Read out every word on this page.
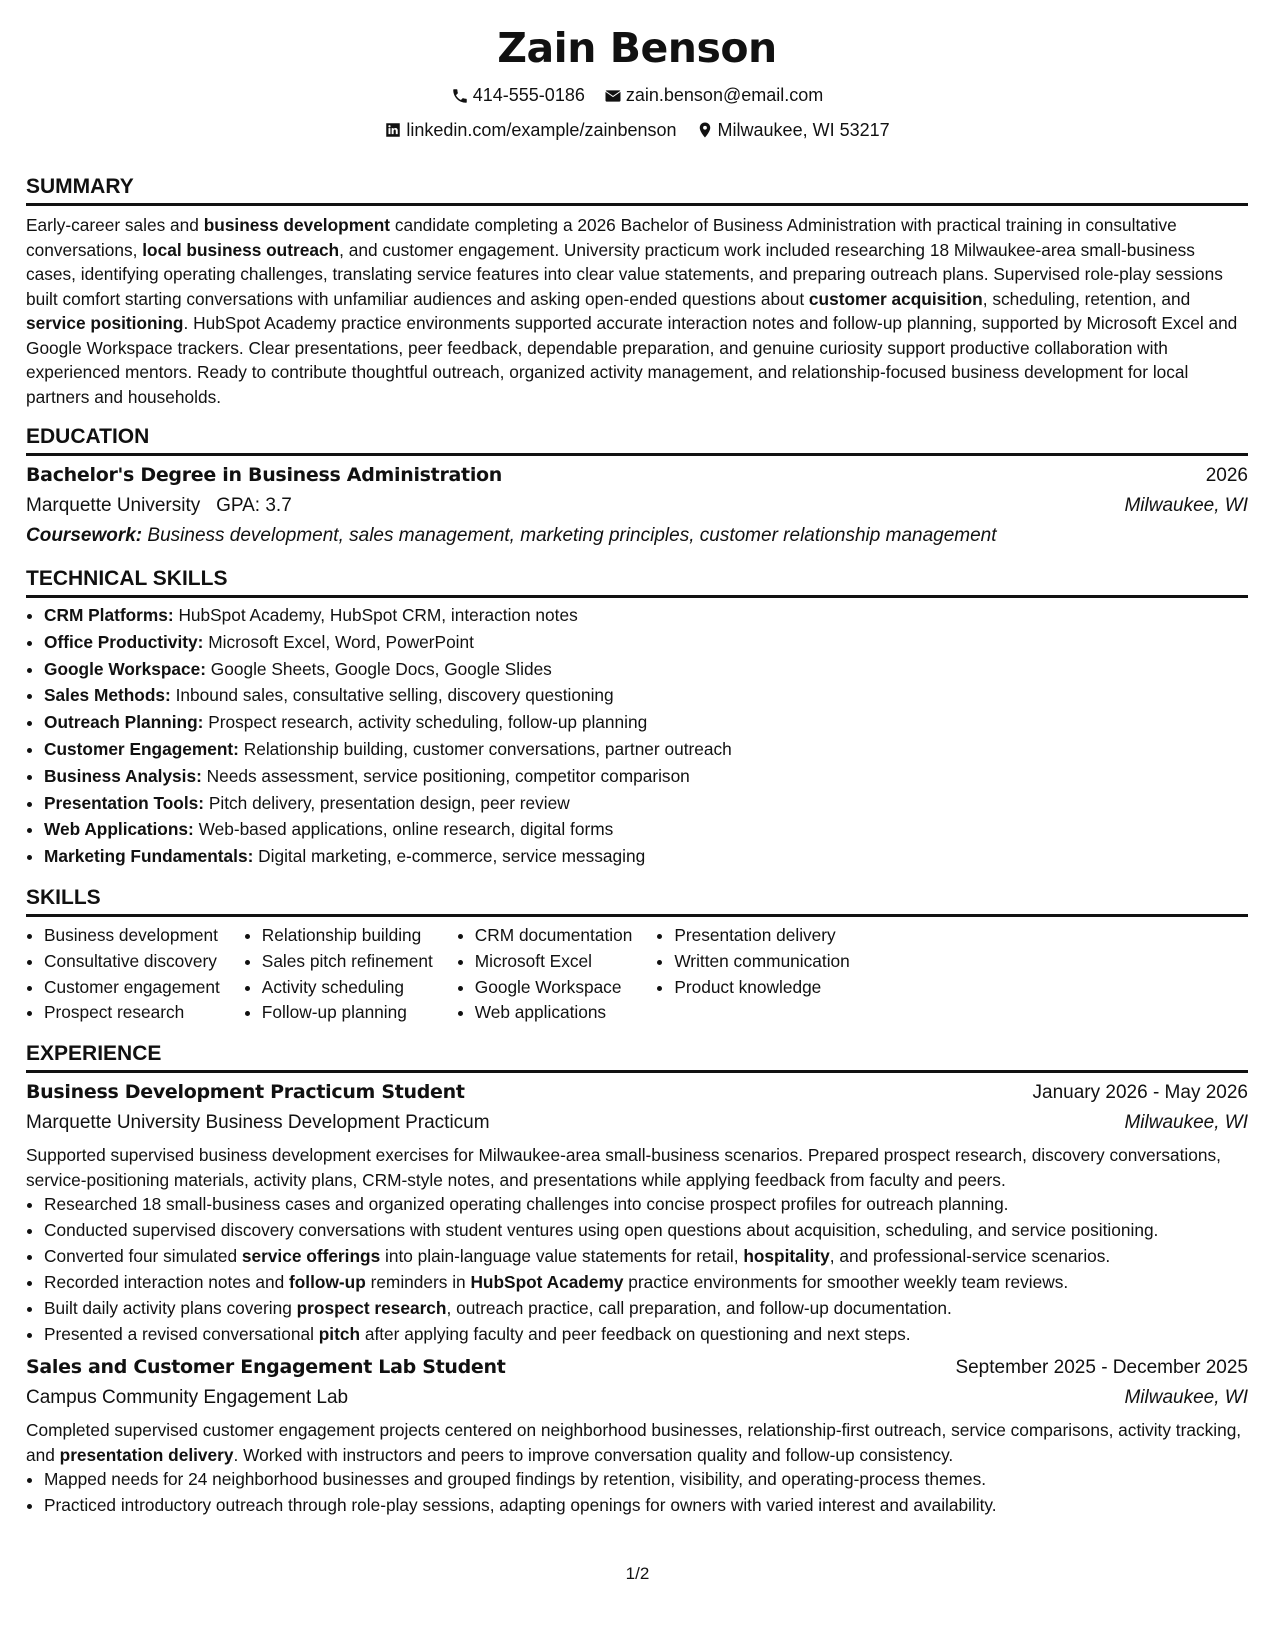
Zain Benson
414-555-0186
zain.benson@email.com
linkedin.com/example/zainbenson
Milwaukee, WI 53217
SUMMARY
Early-career sales and business development candidate completing a 2026 Bachelor of Business Administration with practical training in consultative conversations, local business outreach, and customer engagement. University practicum work included researching 18 Milwaukee-area small-business cases, identifying operating challenges, translating service features into clear value statements, and preparing outreach plans. Supervised role-play sessions built comfort starting conversations with unfamiliar audiences and asking open-ended questions about customer acquisition, scheduling, retention, and service positioning. HubSpot Academy practice environments supported accurate interaction notes and follow-up planning, supported by Microsoft Excel and Google Workspace trackers. Clear presentations, peer feedback, dependable preparation, and genuine curiosity support productive collaboration with experienced mentors. Ready to contribute thoughtful outreach, organized activity management, and relationship-focused business development for local partners and households.
EDUCATION
Bachelor's Degree in Business Administration	2026
Marquette University GPA: 3.7	Milwaukee, WI
Coursework: Business development, sales management, marketing principles, customer relationship management
TECHNICAL SKILLS
• CRM Platforms: HubSpot Academy, HubSpot CRM, interaction notes
• Office Productivity: Microsoft Excel, Word, PowerPoint
• Google Workspace: Google Sheets, Google Docs, Google Slides
• Sales Methods: Inbound sales, consultative selling, discovery questioning
• Outreach Planning: Prospect research, activity scheduling, follow-up planning
• Customer Engagement: Relationship building, customer conversations, partner outreach
• Business Analysis: Needs assessment, service positioning, competitor comparison
• Presentation Tools: Pitch delivery, presentation design, peer review
• Web Applications: Web-based applications, online research, digital forms
• Marketing Fundamentals: Digital marketing, e-commerce, service messaging
SKILLS
• Business development
• Consultative discovery
• Customer engagement
• Prospect research
• Relationship building
• Sales pitch refinement
• Activity scheduling
• Follow-up planning
• CRM documentation
• Microsoft Excel
• Google Workspace
• Web applications
• Presentation delivery
• Written communication
• Product knowledge
EXPERIENCE
Business Development Practicum Student	January 2026 - May 2026
Marquette University Business Development Practicum	Milwaukee, WI
Supported supervised business development exercises for Milwaukee-area small-business scenarios. Prepared prospect research, discovery conversations, service-positioning materials, activity plans, CRM-style notes, and presentations while applying feedback from faculty and peers.
• Researched 18 small-business cases and organized operating challenges into concise prospect profiles for outreach planning.
• Conducted supervised discovery conversations with student ventures using open questions about acquisition, scheduling, and service positioning.
• Converted four simulated service offerings into plain-language value statements for retail, hospitality, and professional-service scenarios.
• Recorded interaction notes and follow-up reminders in HubSpot Academy practice environments for smoother weekly team reviews.
• Built daily activity plans covering prospect research, outreach practice, call preparation, and follow-up documentation.
• Presented a revised conversational pitch after applying faculty and peer feedback on questioning and next steps.
Sales and Customer Engagement Lab Student	September 2025 - December 2025
Campus Community Engagement Lab	Milwaukee, WI
Completed supervised customer engagement projects centered on neighborhood businesses, relationship-first outreach, service comparisons, activity tracking, and presentation delivery. Worked with instructors and peers to improve conversation quality and follow-up consistency.
• Mapped needs for 24 neighborhood businesses and grouped findings by retention, visibility, and operating-process themes.
• Practiced introductory outreach through role-play sessions, adapting openings for owners with varied interest and availability.
1/2
